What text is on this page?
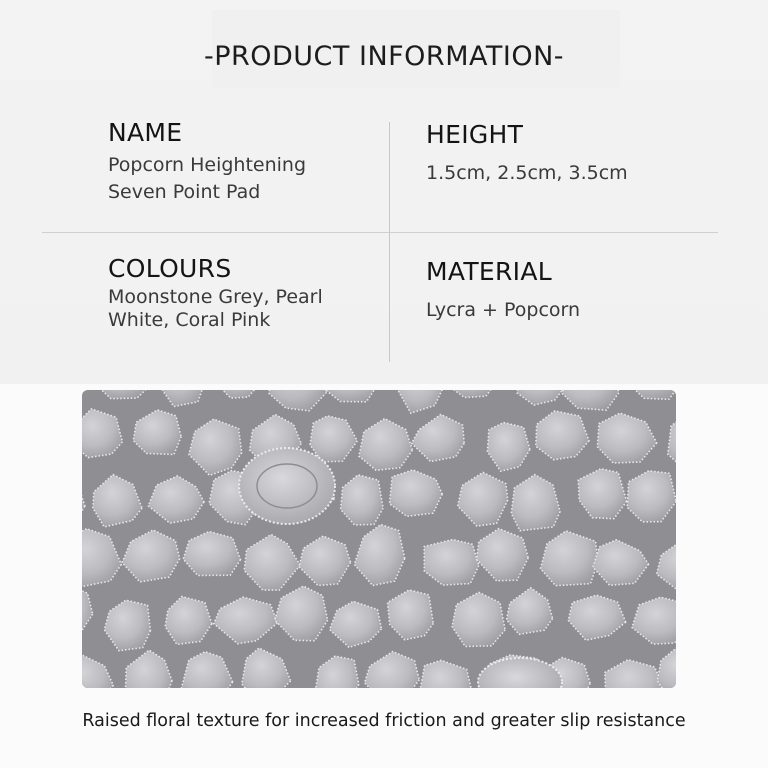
-PRODUCT INFORMATION-
NAME
Popcorn Heightening
Seven Point Pad
HEIGHT
1.5cm, 2.5cm, 3.5cm
COLOURS
Moonstone Grey, Pearl
White, Coral Pink
MATERIAL
Lycra + Popcorn
Raised floral texture for increased friction and greater slip resistance
